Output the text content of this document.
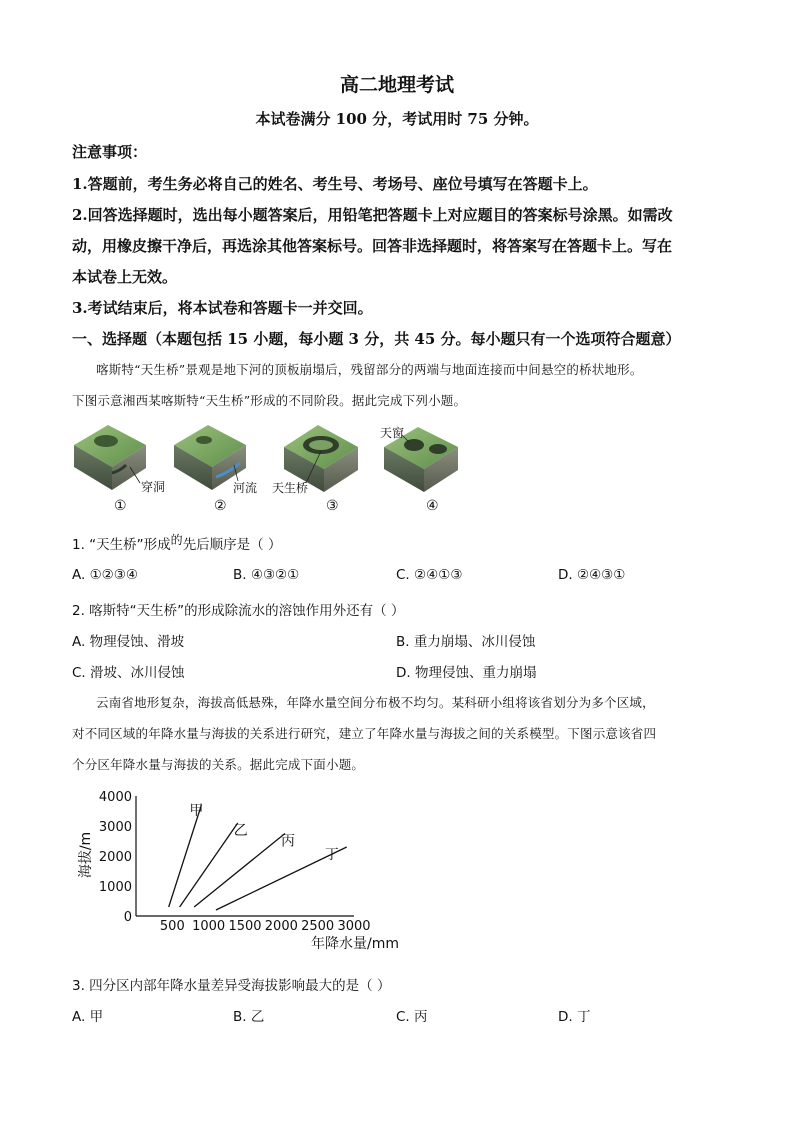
高二地理考试
本试卷满分 100 分，考试用时 75 分钟。
注意事项：
1.答题前，考生务必将自己的姓名、考生号、考场号、座位号填写在答题卡上。
2.回答选择题时，选出每小题答案后，用铅笔把答题卡上对应题目的答案标号涂黑。如需改
动，用橡皮擦干净后，再选涂其他答案标号。回答非选择题时，将答案写在答题卡上。写在
本试卷上无效。
3.考试结束后，将本试卷和答题卡一并交回。
一、选择题（本题包括 15 小题，每小题 3 分，共 45 分。每小题只有一个选项符合题意）
喀斯特“天生桥”景观是地下河的顶板崩塌后，残留部分的两端与地面连接而中间悬空的桥状地形。
下图示意湘西某喀斯特“天生桥”形成的不同阶段。据此完成下列小题。
穿洞	河流 天生桥
天窗
①	②	③	④
1. “天生桥”形成的先后顺序是（ ）
A. ①②③④	B. ④③②①	C. ②④①③	D. ②④③①
2. 喀斯特“天生桥”的形成除流水的溶蚀作用外还有（ ）
A. 物理侵蚀、滑坡	B. 重力崩塌、冰川侵蚀
C. 滑坡、冰川侵蚀	D. 物理侵蚀、重力崩塌
云南省地形复杂，海拔高低悬殊，年降水量空间分布极不均匀。某科研小组将该省划分为多个区域，
对不同区域的年降水量与海拔的关系进行研究，建立了年降水量与海拔之间的关系模型。下图示意该省四
个分区年降水量与海拔的关系。据此完成下面小题。
0
1000
2000
3000
4000
500 1000 1500 2000 2500 3000
甲
乙
丙
丁
年降水量/mm
海拔/m
3. 四分区内部年降水量差异受海拔影响最大的是（ ）
A. 甲	B. 乙	C. 丙	D. 丁
